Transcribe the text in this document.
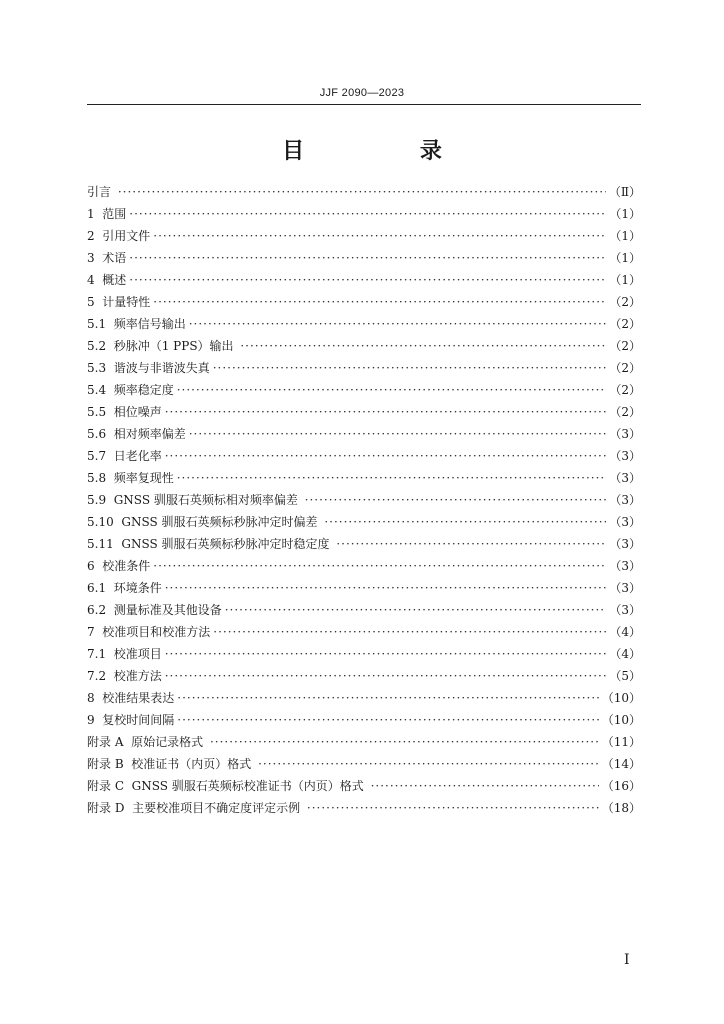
JJF 2090—2023
目 录
引言 ·····	（Ⅱ）
1 范围 ·····	（1）
2 引用文件 ·····	（1）
3 术语 ·····	（1）
4 概述 ·····	（1）
5 计量特性 ·····	（2）
5.1 频率信号输出 ·····	（2）
5.2 秒脉冲（1 PPS）输出 ·····	（2）
5.3 谐波与非谐波失真 ·····	（2）
5.4 频率稳定度 ·····	（2）
5.5 相位噪声 ·····	（2）
5.6 相对频率偏差 ·····	（3）
5.7 日老化率 ·····	（3）
5.8 频率复现性 ·····	（3）
5.9 GNSS 驯服石英频标相对频率偏差 ·····	（3）
5.10 GNSS 驯服石英频标秒脉冲定时偏差 ·····	（3）
5.11 GNSS 驯服石英频标秒脉冲定时稳定度 ·····	（3）
6 校准条件 ·····	（3）
6.1 环境条件 ·····	（3）
6.2 测量标准及其他设备 ·····	（3）
7 校准项目和校准方法 ·····	（4）
7.1 校准项目 ·····	（4）
7.2 校准方法 ·····	（5）
8 校准结果表达 ·····	（10）
9 复校时间间隔 ·····	（10）
附录 A 原始记录格式 ·····	（11）
附录 B 校准证书（内页）格式 ·····	（14）
附录 C GNSS 驯服石英频标校准证书（内页）格式 ·····	（16）
附录 D 主要校准项目不确定度评定示例 ·····	（18）
I
